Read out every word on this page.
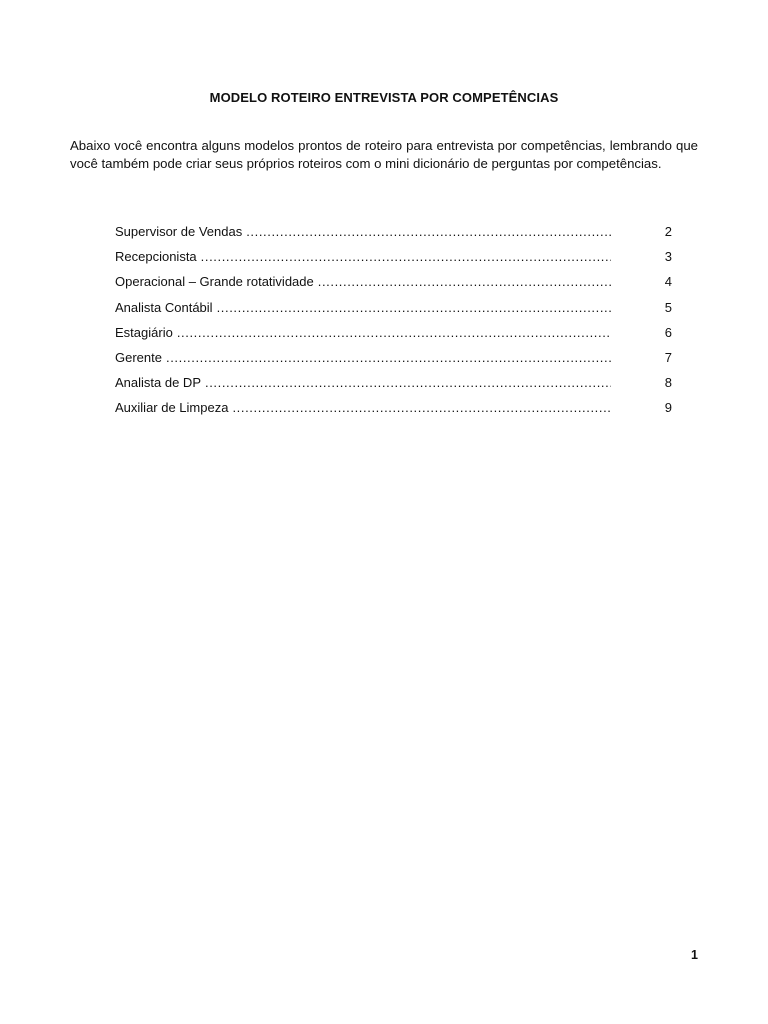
MODELO ROTEIRO ENTREVISTA POR COMPETÊNCIAS
Abaixo você encontra alguns modelos prontos de roteiro para entrevista por competências, lembrando que você também pode criar seus próprios roteiros com o mini dicionário de perguntas por competências.
Supervisor de Vendas .....	2
Recepcionista .....	3
Operacional – Grande rotatividade .....	4
Analista Contábil .....	5
Estagiário .....	6
Gerente .....	7
Analista de DP .....	8
Auxiliar de Limpeza .....	9
1
